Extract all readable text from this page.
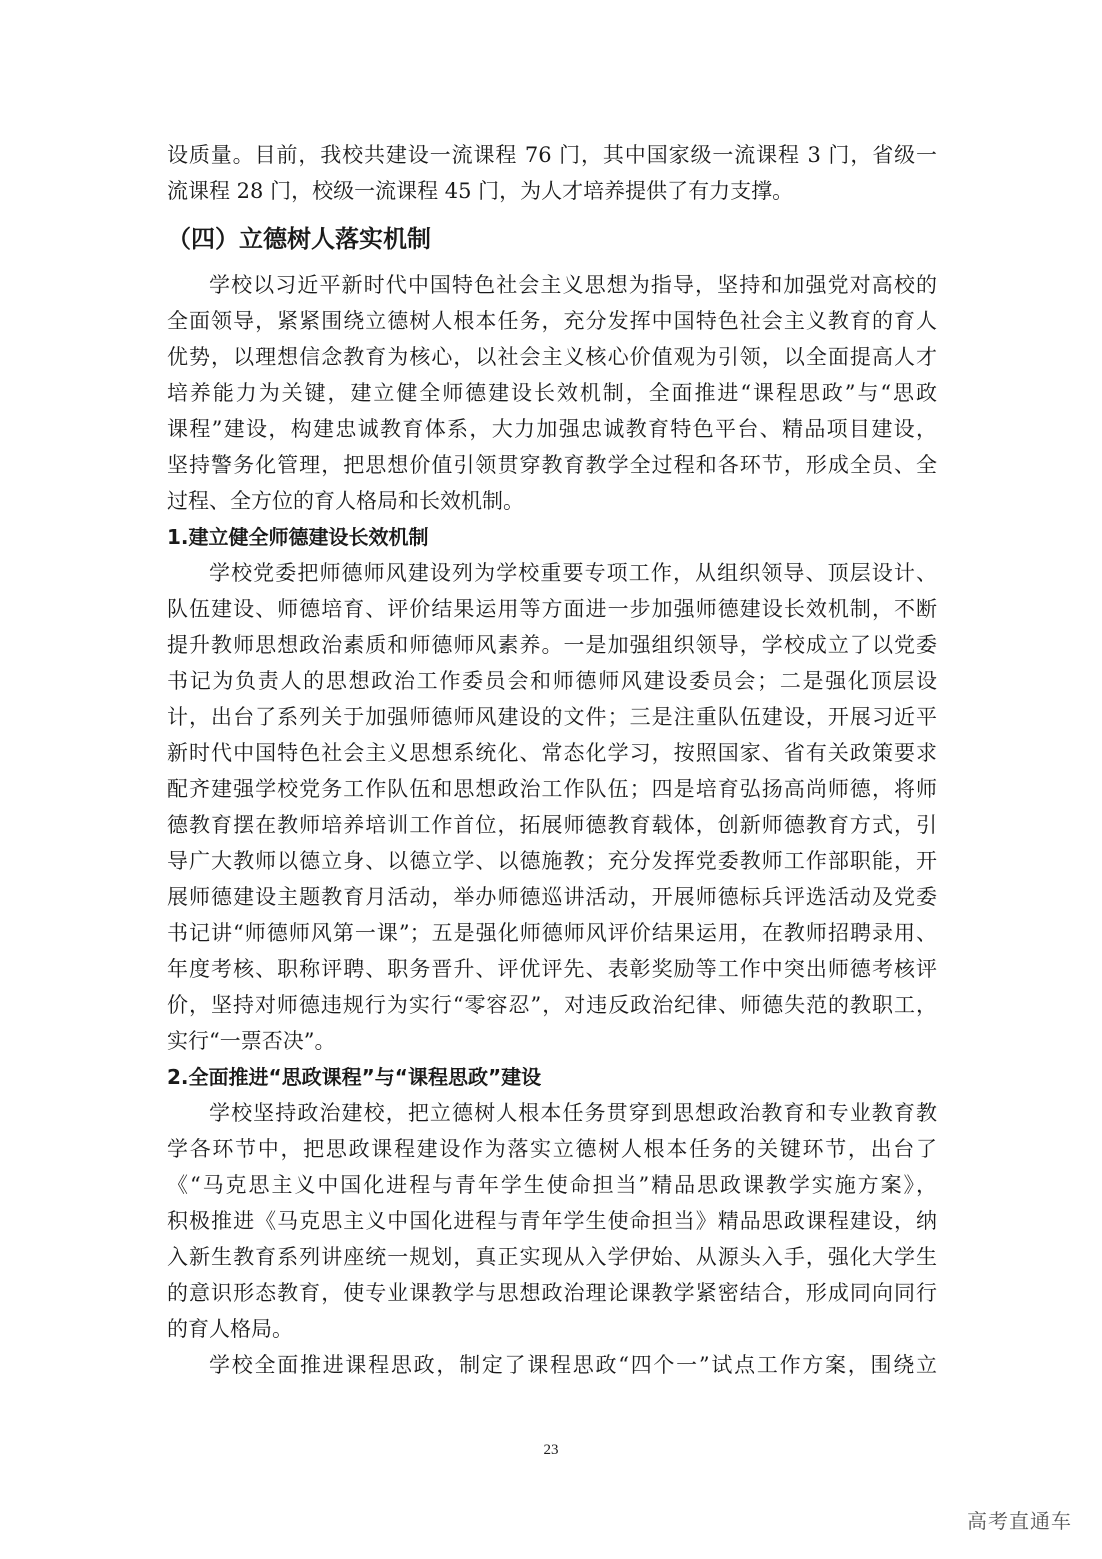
设质量。目前，我校共建设一流课程 76 门，其中国家级一流课程 3 门，省级一
流课程 28 门，校级一流课程 45 门，为人才培养提供了有力支撑。
（四）立德树人落实机制
学校以习近平新时代中国特色社会主义思想为指导，坚持和加强党对高校的
全面领导，紧紧围绕立德树人根本任务，充分发挥中国特色社会主义教育的育人
优势，以理想信念教育为核心，以社会主义核心价值观为引领，以全面提高人才
培养能力为关键，建立健全师德建设长效机制，全面推进“课程思政”与“思政
课程”建设，构建忠诚教育体系，大力加强忠诚教育特色平台、精品项目建设，
坚持警务化管理，把思想价值引领贯穿教育教学全过程和各环节，形成全员、全
过程、全方位的育人格局和长效机制。
1.建立健全师德建设长效机制
学校党委把师德师风建设列为学校重要专项工作，从组织领导、顶层设计、
队伍建设、师德培育、评价结果运用等方面进一步加强师德建设长效机制，不断
提升教师思想政治素质和师德师风素养。一是加强组织领导，学校成立了以党委
书记为负责人的思想政治工作委员会和师德师风建设委员会；二是强化顶层设
计，出台了系列关于加强师德师风建设的文件；三是注重队伍建设，开展习近平
新时代中国特色社会主义思想系统化、常态化学习，按照国家、省有关政策要求
配齐建强学校党务工作队伍和思想政治工作队伍；四是培育弘扬高尚师德，将师
德教育摆在教师培养培训工作首位，拓展师德教育载体，创新师德教育方式，引
导广大教师以德立身、以德立学、以德施教；充分发挥党委教师工作部职能，开
展师德建设主题教育月活动，举办师德巡讲活动，开展师德标兵评选活动及党委
书记讲“师德师风第一课”；五是强化师德师风评价结果运用，在教师招聘录用、
年度考核、职称评聘、职务晋升、评优评先、表彰奖励等工作中突出师德考核评
价，坚持对师德违规行为实行“零容忍”，对违反政治纪律、师德失范的教职工，
实行“一票否决”。
2.全面推进“思政课程”与“课程思政”建设
学校坚持政治建校，把立德树人根本任务贯穿到思想政治教育和专业教育教
学各环节中，把思政课程建设作为落实立德树人根本任务的关键环节，出台了
《“马克思主义中国化进程与青年学生使命担当”精品思政课教学实施方案》，
积极推进《马克思主义中国化进程与青年学生使命担当》精品思政课程建设，纳
入新生教育系列讲座统一规划，真正实现从入学伊始、从源头入手，强化大学生
的意识形态教育，使专业课教学与思想政治理论课教学紧密结合，形成同向同行
的育人格局。
学校全面推进课程思政，制定了课程思政“四个一”试点工作方案，围绕立
23
高考直通车
